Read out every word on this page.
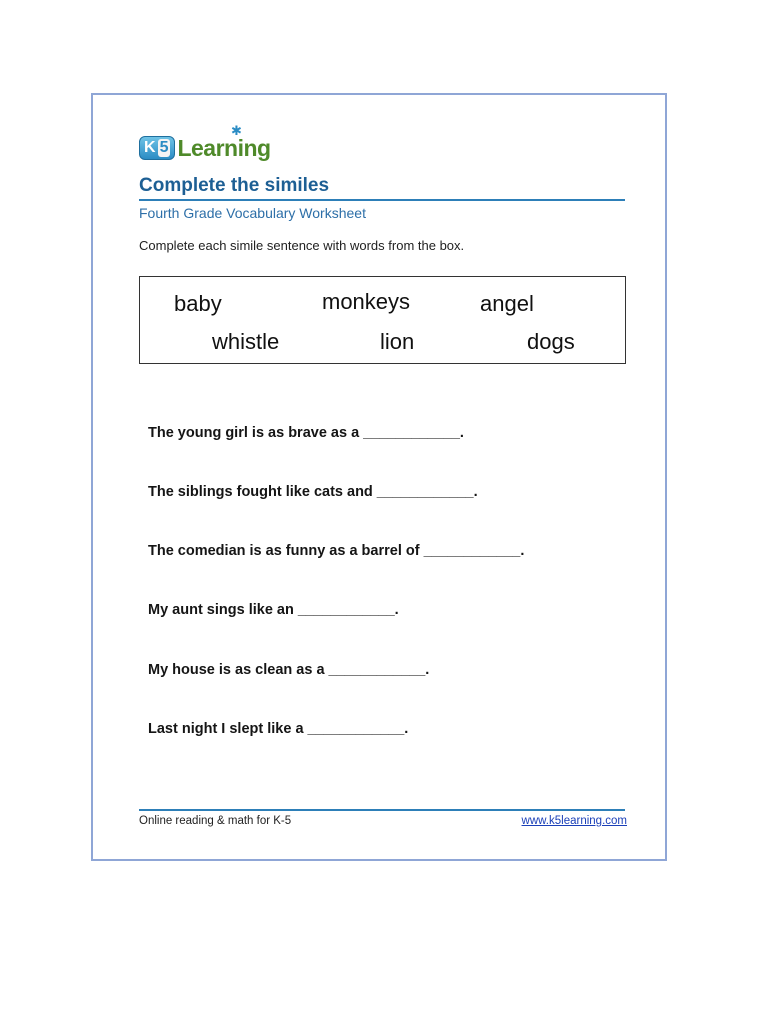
K 5 Learning
✱
Complete the similes
Fourth Grade Vocabulary Worksheet
Complete each simile sentence with words from the box.
baby	monkeys	angel
whistle	lion	dogs
The young girl is as brave as a ____________.
The siblings fought like cats and ____________.
The comedian is as funny as a barrel of ____________.
My aunt sings like an ____________.
My house is as clean as a ____________.
Last night I slept like a ____________.
Online reading & math for K-5	www.k5learning.com
